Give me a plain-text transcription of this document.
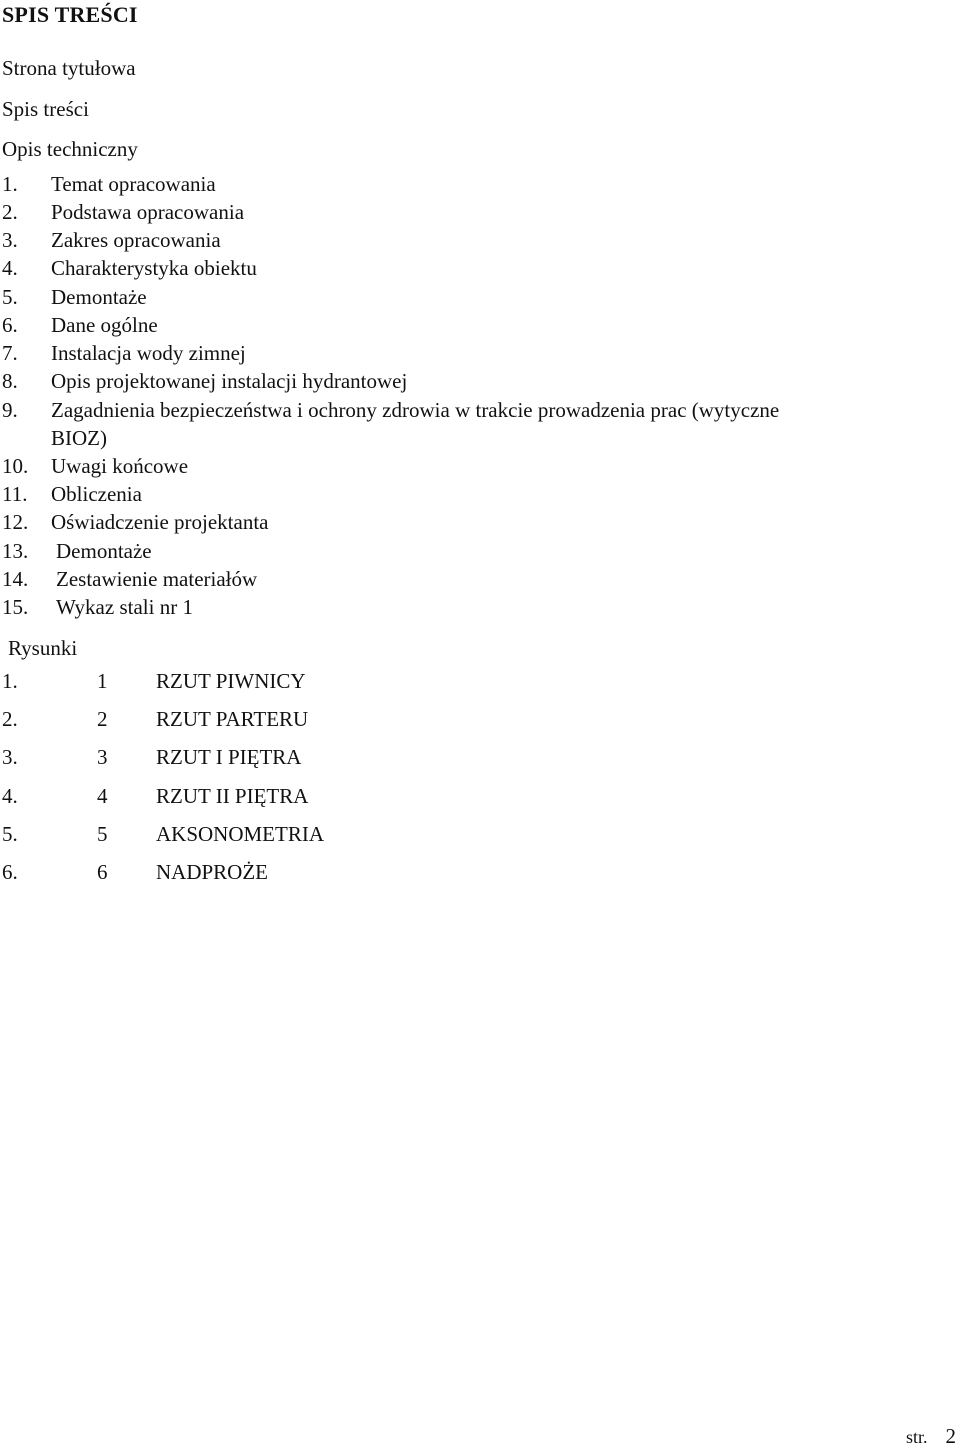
SPIS TREŚCI
Strona tytułowa
Spis treści
Opis techniczny
1. Temat opracowania
2. Podstawa opracowania
3. Zakres opracowania
4. Charakterystyka obiektu
5. Demontaże
6. Dane ogólne
7. Instalacja wody zimnej
8. Opis projektowanej instalacji hydrantowej
9. Zagadnienia bezpieczeństwa i ochrony zdrowia w trakcie prowadzenia prac (wytyczne
BIOZ)
10. Uwagi końcowe
11. Obliczenia
12. Oświadczenie projektanta
13. Demontaże
14. Zestawienie materiałów
15. Wykaz stali nr 1
Rysunki
1.	1 RZUT PIWNICY
2.	2 RZUT PARTERU
3.	3 RZUT I PIĘTRA
4.	4 RZUT II PIĘTRA
5.	5 AKSONOMETRIA
6.	6 NADPROŻE
str. 2
